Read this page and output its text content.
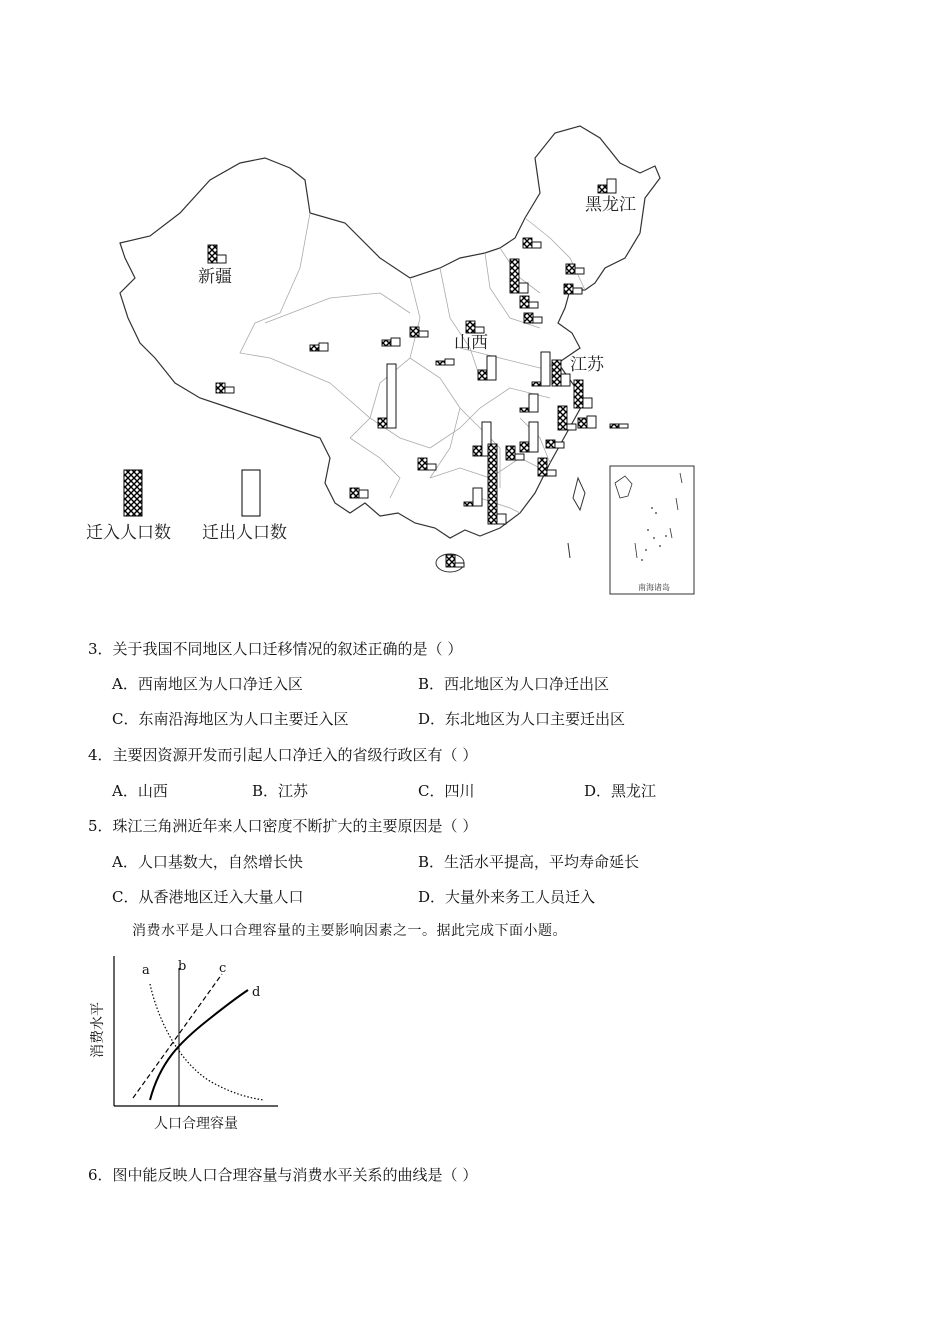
南海诸岛
黑龙江
新疆
山西
江苏
迁入人口数 迁出人口数
3．关于我国不同地区人口迁移情况的叙述正确的是（ ）
A．西南地区为人口净迁入区	B．西北地区为人口净迁出区
C．东南沿海地区为人口主要迁入区	D．东北地区为人口主要迁出区
4．主要因资源开发而引起人口净迁入的省级行政区有（ ）
A．山西	B．江苏	C．四川	D．黑龙江
5．珠江三角洲近年来人口密度不断扩大的主要原因是（ ）
A．人口基数大，自然增长快	B．生活水平提高，平均寿命延长
C．从香港地区迁入大量人口	D．大量外来务工人员迁入
消费水平是人口合理容量的主要影响因素之一。据此完成下面小题。
消费水平
人口合理容量
a b	c
d
6．图中能反映人口合理容量与消费水平关系的曲线是（ ）
